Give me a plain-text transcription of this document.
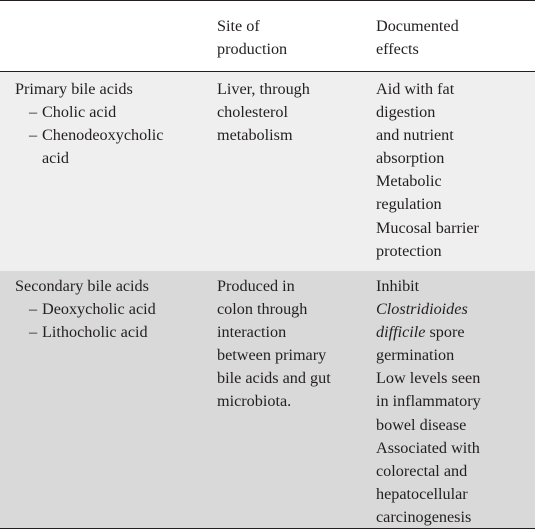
Site of
production
Documented
effects
Primary bile acids
– Cholic acid
– Chenodeoxycholic
acid
Liver, through
cholesterol
metabolism
Aid with fat
digestion
and nutrient
absorption
Metabolic
regulation
Mucosal barrier
protection
Secondary bile acids
– Deoxycholic acid
– Lithocholic acid
Produced in
colon through
interaction
between primary
bile acids and gut
microbiota.
Inhibit
Clostridioides
difficile spore
germination
Low levels seen
in inflammatory
bowel disease
Associated with
colorectal and
hepatocellular
carcinogenesis
